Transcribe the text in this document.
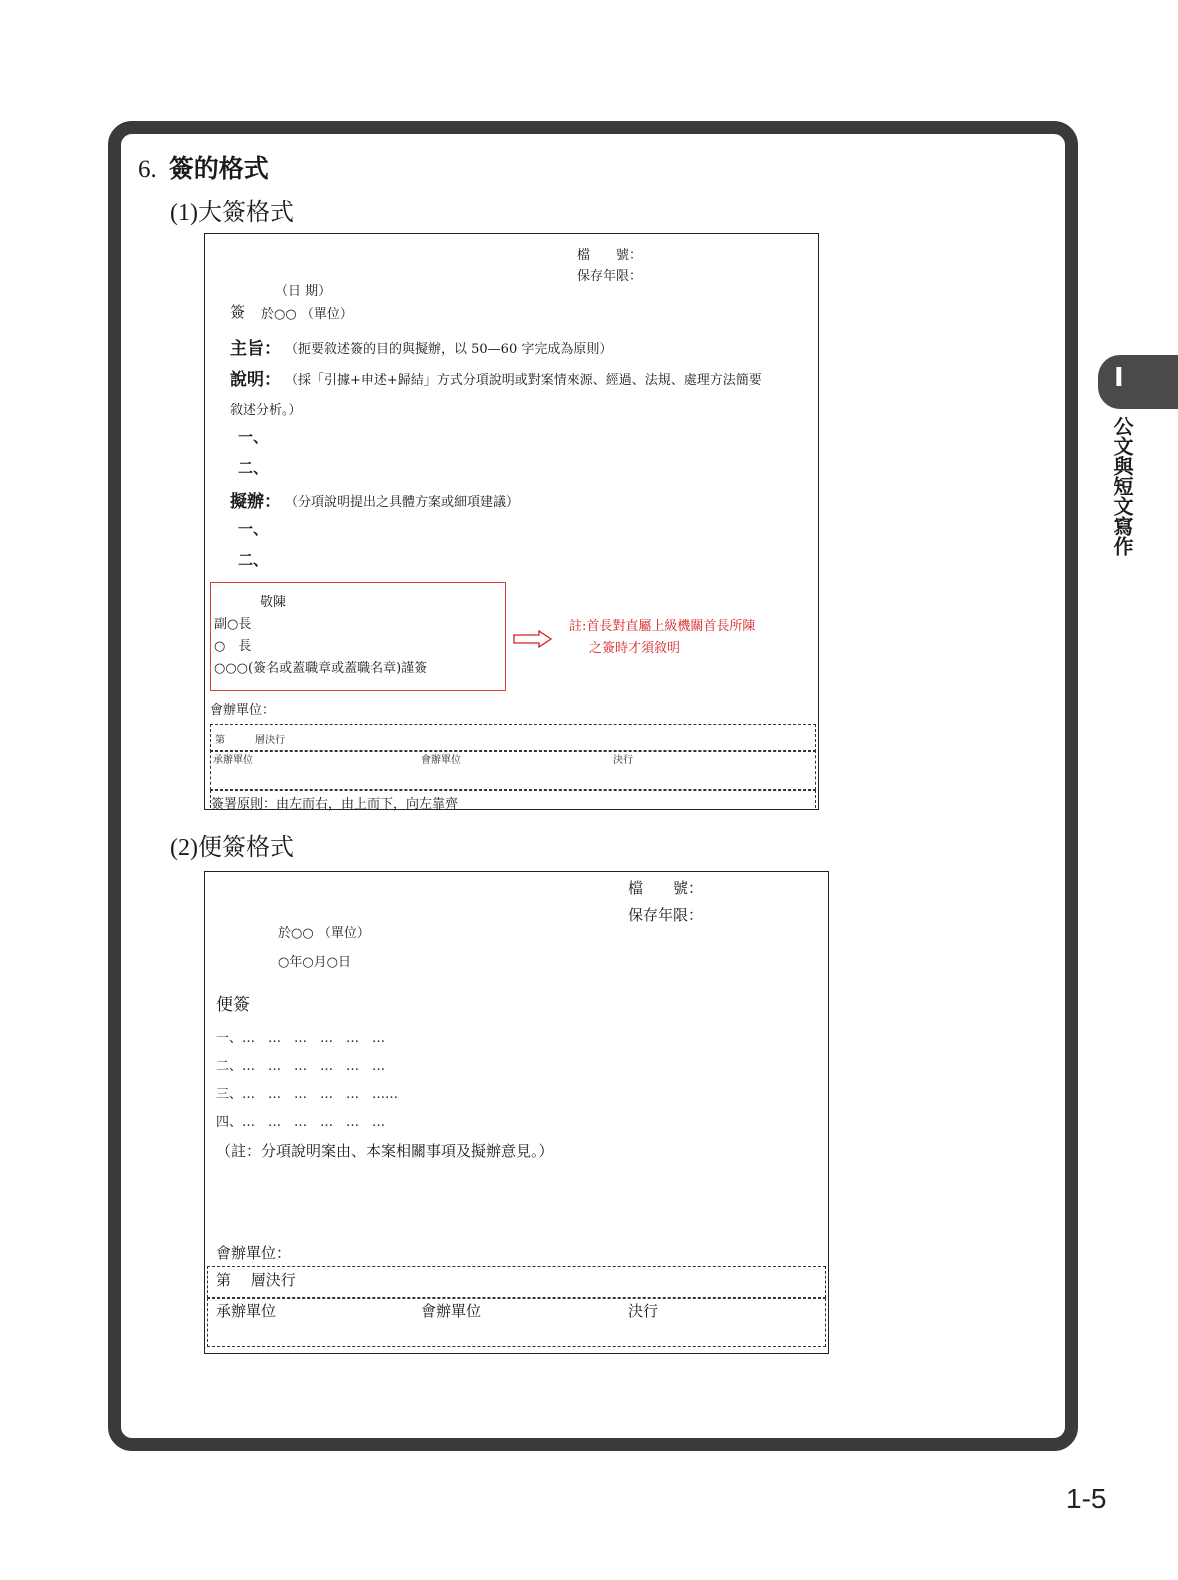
I
公文與短文寫作
6. 簽的格式
(1)大簽格式
檔　　號：
保存年限：
（日 期）
簽 於○○ （單位）
主旨： （扼要敘述簽的目的與擬辦，以 50—60 字完成為原則）
說明： （採「引據+申述+歸結」方式分項說明或對案情來源、經過、法規、處理方法簡要
敘述分析。）
一、
二、
擬辦： （分項說明提出之具體方案或細項建議）
一、
二、
敬陳
副○長
○　長
○○○(簽名或蓋職章或蓋職名章)謹簽
註:首長對直屬上級機關首長所陳
之簽時才須敘明
會辦單位：
第　　　層決行
承辦單位	會辦單位	決行
簽署原則：由左而右，由上而下，向左靠齊
(2)便簽格式
檔　　號：
保存年限：
於○○ （單位）
○年○月○日
便簽
一、…　…　…　…　…　…
二、…　…　…　…　…　…
三、…　…　…　…　…　……
四、…　…　…　…　…　…
（註：分項說明案由、本案相關事項及擬辦意見。）
會辦單位：
第　 層決行
承辦單位	會辦單位	決行
1-5
